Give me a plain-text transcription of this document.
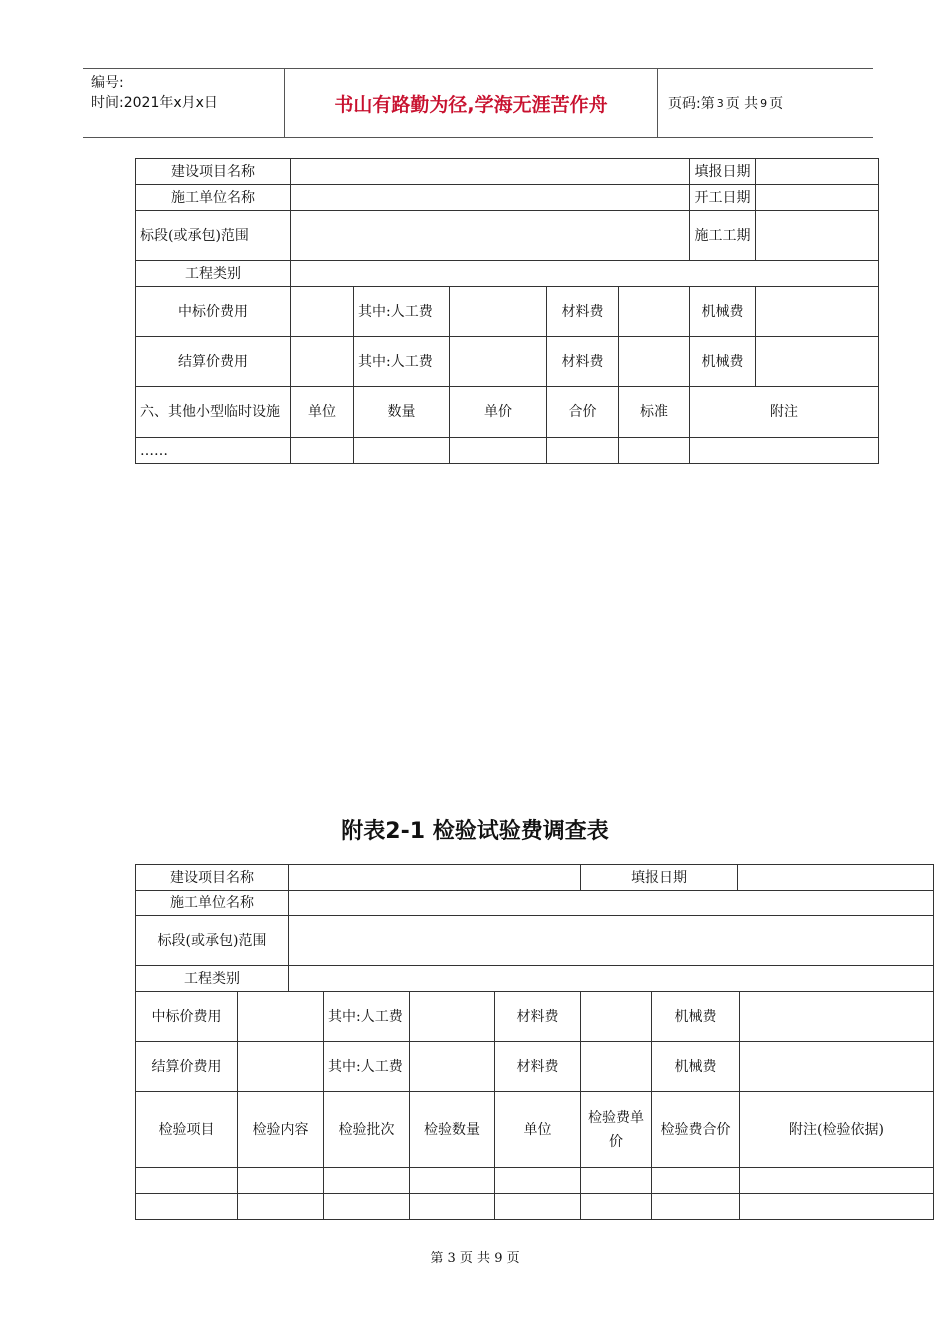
编号:
时间:2021年x月x日	书山有路勤为径,学海无涯苦作舟	页码:第 3 页 共 9 页
建设项目名称						填报日期	
施工单位名称						开工日期	
标段(或承包)范围						施工工期	
工程类别							
中标价费用		其中:人工费		材料费		机械费	
结算价费用		其中:人工费		材料费		机械费	
六、其他小型临时设施	单位	数量	单价	合价	标准	附注	
……							
附表2-1 检验试验费调查表
建设项目名称						填报日期			
施工单位名称									
标段(或承包)范围									
工程类别									
中标价费用			其中:人工费		材料费		机械费		
结算价费用			其中:人工费		材料费		机械费		
检验项目	检验内容		检验批次	检验数量	单位	检验费单价	检验费合价		附注(检验依据)

第 3 页 共 9 页
